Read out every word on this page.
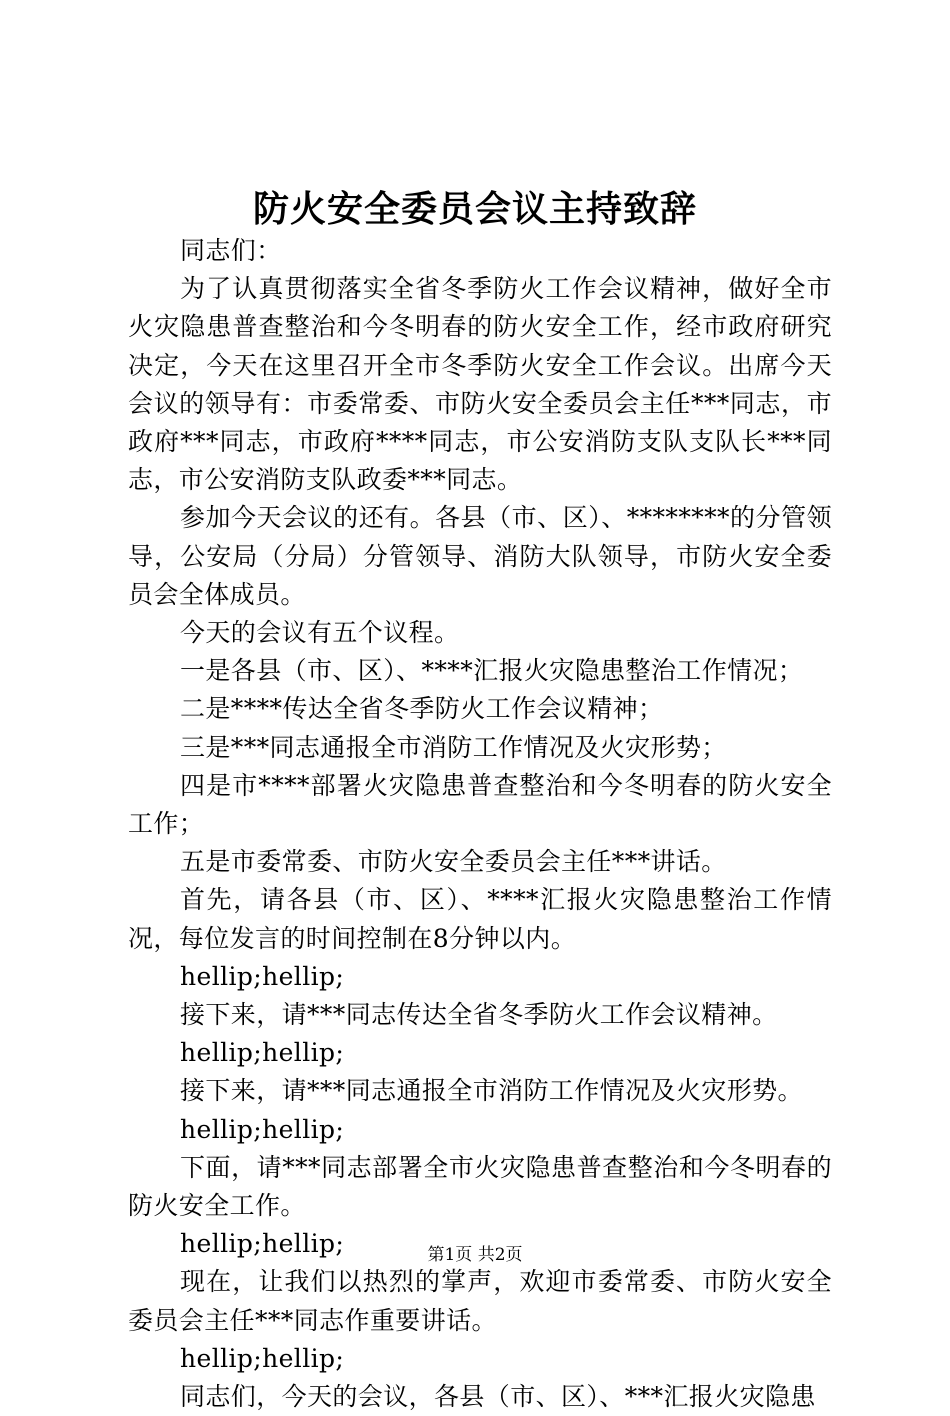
防火安全委员会议主持致辞

同志们：

为了认真贯彻落实全省冬季防火工作会议精神，做好全市火灾隐患普查整治和今冬明春的防火安全工作，经市政府研究决定，今天在这里召开全市冬季防火安全工作会议。出席今天会议的领导有：市委常委、市防火安全委员会主任***同志，市政府***同志，市政府****同志，市公安消防支队支队长***同志，市公安消防支队政委***同志。

参加今天会议的还有。各县（市、区）、********的分管领导，公安局（分局）分管领导、消防大队领导，市防火安全委员会全体成员。

今天的会议有五个议程。

一是各县（市、区）、****汇报火灾隐患整治工作情况；

二是****传达全省冬季防火工作会议精神；

三是***同志通报全市消防工作情况及火灾形势；

四是市****部署火灾隐患普查整治和今冬明春的防火安全工作；

五是市委常委、市防火安全委员会主任***讲话。

首先，请各县（市、区）、****汇报火灾隐患整治工作情况，每位发言的时间控制在8分钟以内。

hellip;hellip;

接下来，请***同志传达全省冬季防火工作会议精神。

hellip;hellip;

接下来，请***同志通报全市消防工作情况及火灾形势。

hellip;hellip;

下面，请***同志部署全市火灾隐患普查整治和今冬明春的防火安全工作。

hellip;hellip;

现在，让我们以热烈的掌声，欢迎市委常委、市防火安全委员会主任***同志作重要讲话。

hellip;hellip;

同志们，今天的会议，各县（市、区）、***汇报火灾隐患

第1页 共2页
